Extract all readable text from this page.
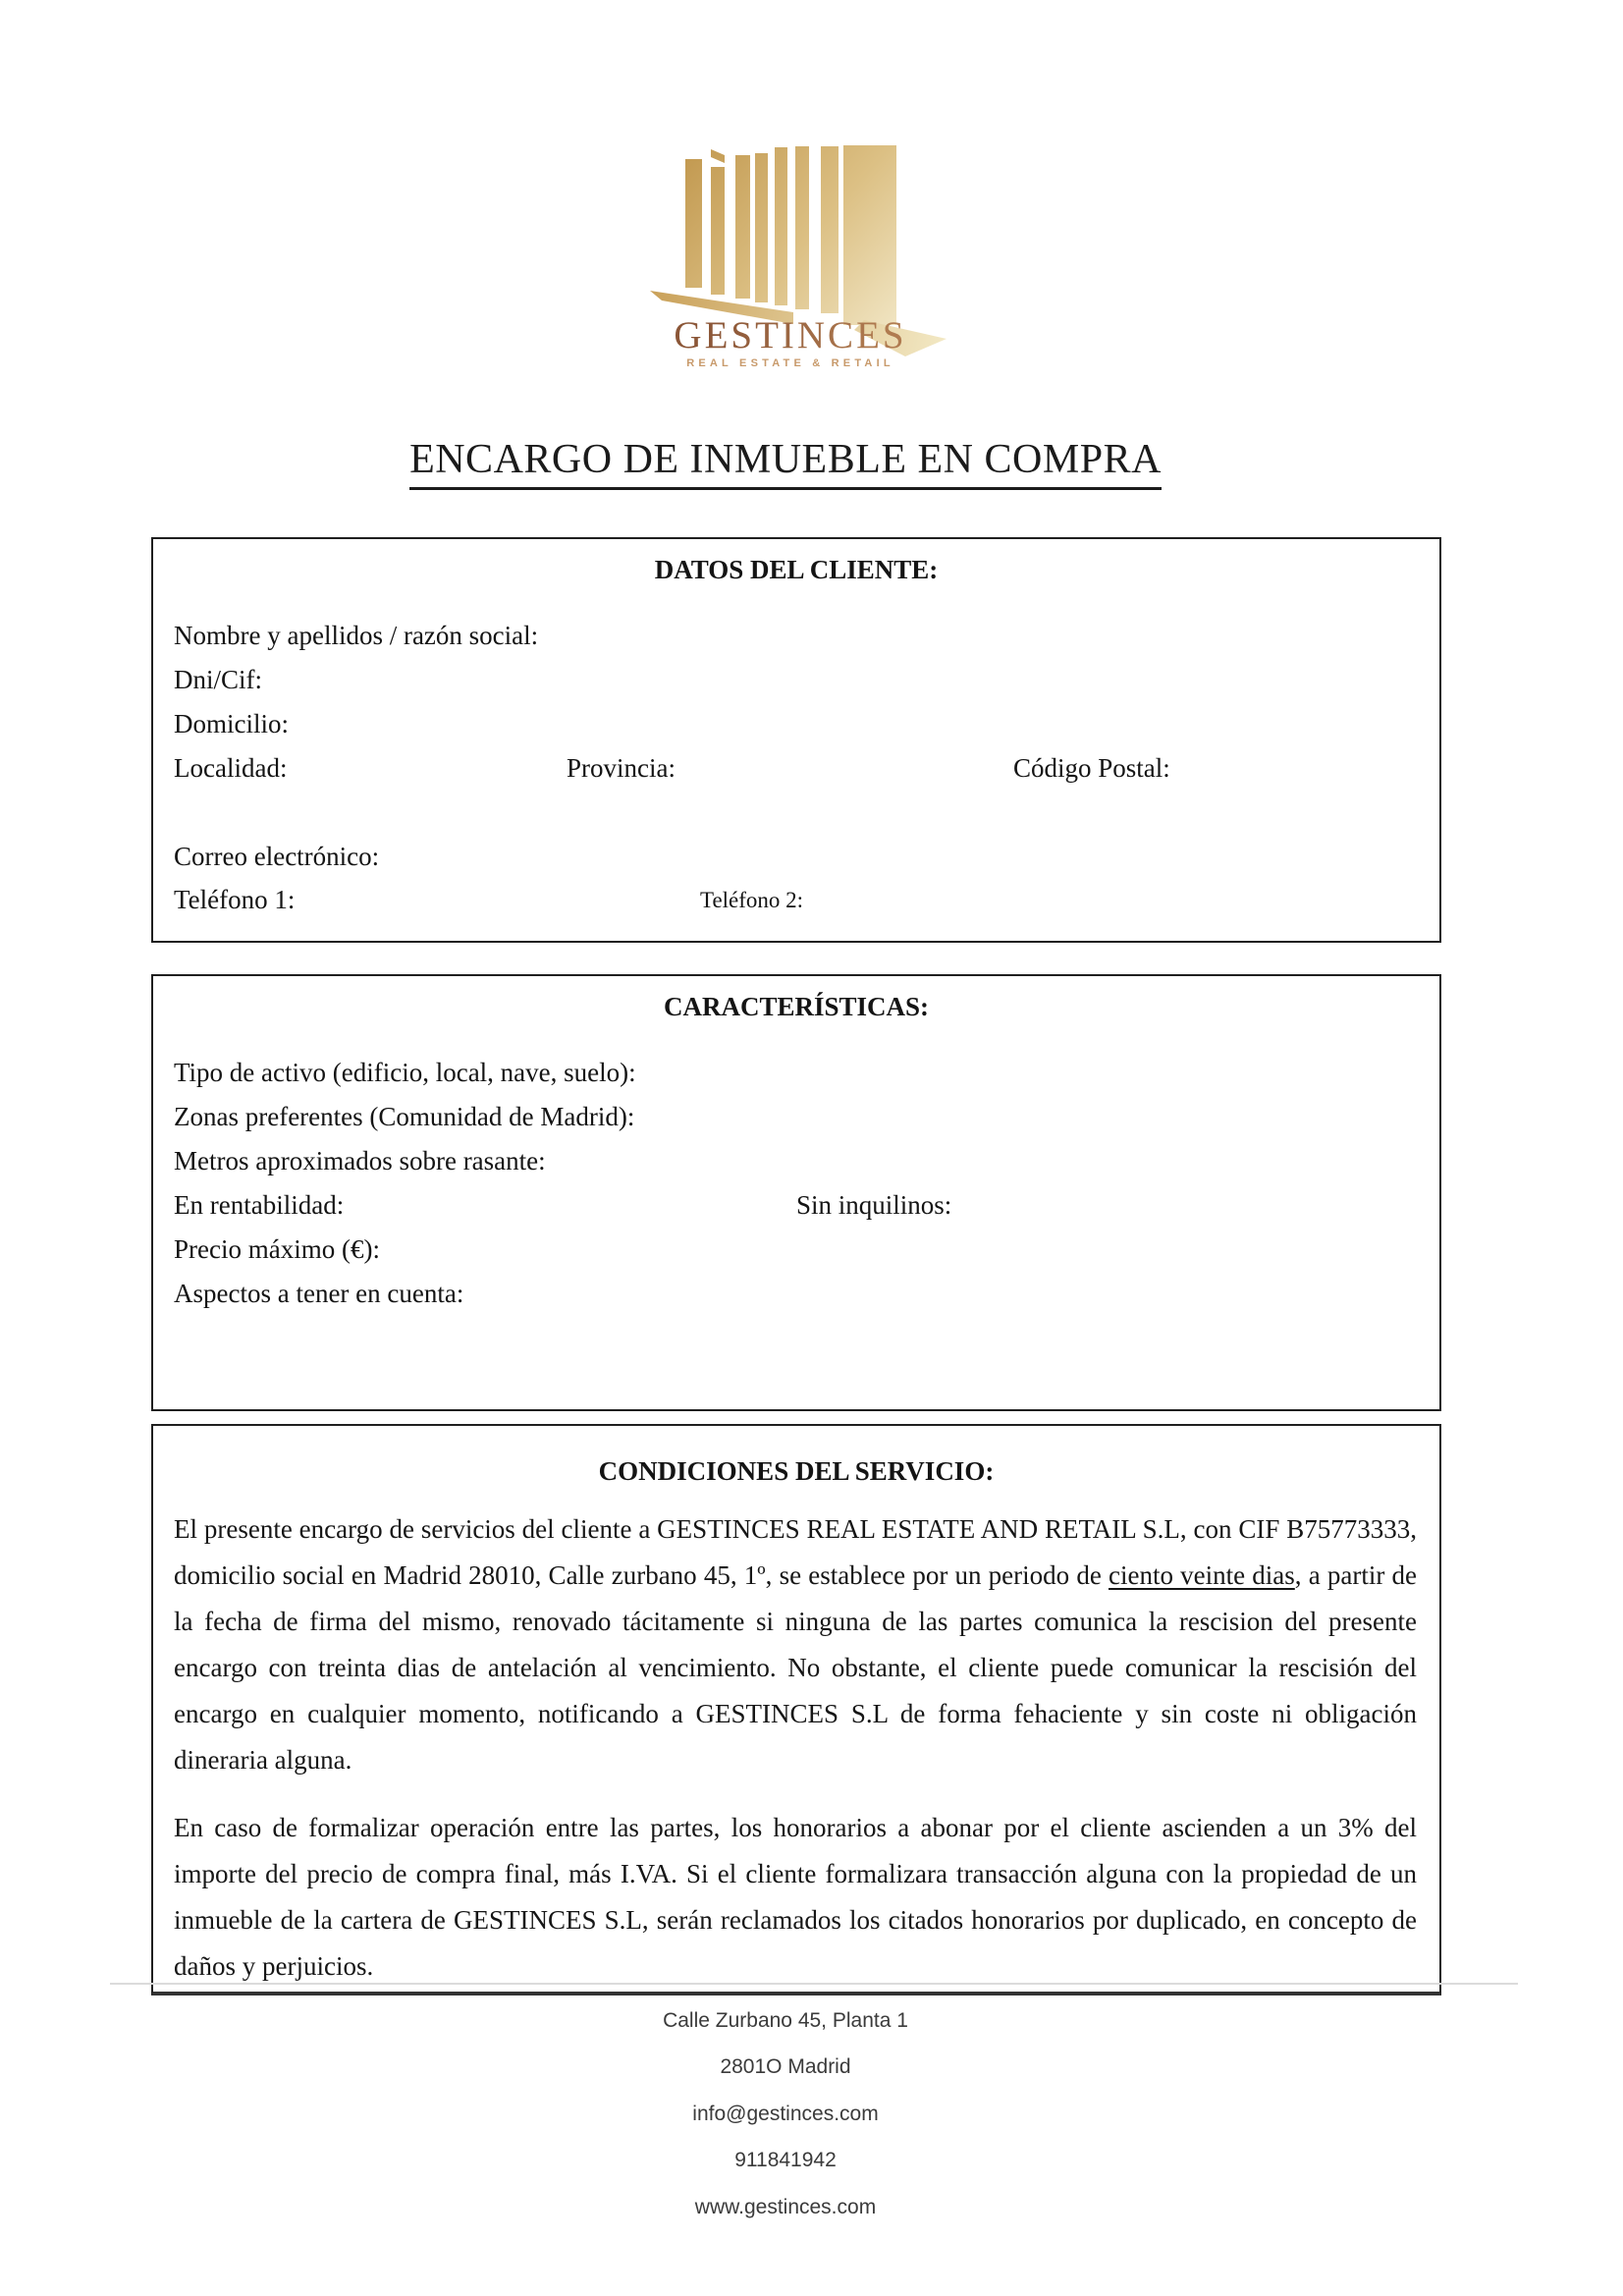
GESTINCES
REAL ESTATE & RETAIL
ENCARGO DE INMUEBLE EN COMPRA
DATOS DEL CLIENTE:
Nombre y apellidos / razón social:
Dni/Cif:
Domicilio:
Localidad:	Provincia:	Código Postal:
Correo electrónico:
Teléfono 1:	Teléfono 2:
CARACTERÍSTICAS:
Tipo de activo (edificio, local, nave, suelo):
Zonas preferentes (Comunidad de Madrid):
Metros aproximados sobre rasante:
En rentabilidad:	Sin inquilinos:
Precio máximo (€):
Aspectos a tener en cuenta:
CONDICIONES DEL SERVICIO:
El presente encargo de servicios del cliente a GESTINCES REAL ESTATE AND RETAIL S.L, con CIF B75773333, domicilio social en Madrid 28010, Calle zurbano 45, 1º, se establece por un periodo de ciento veinte dias, a partir de la fecha de firma del mismo, renovado tácitamente si ninguna de las partes comunica la rescision del presente encargo con treinta dias de antelación al vencimiento. No obstante, el cliente puede comunicar la rescisión del encargo en cualquier momento, notificando a GESTINCES S.L de forma fehaciente y sin coste ni obligación dineraria alguna.
En caso de formalizar operación entre las partes, los honorarios a abonar por el cliente ascienden a un 3% del importe del precio de compra final, más I.VA. Si el cliente formalizara transacción alguna con la propiedad de un inmueble de la cartera de GESTINCES S.L, serán reclamados los citados honorarios por duplicado, en concepto de daños y perjuicios.
Calle Zurbano 45, Planta 1
2801O Madrid
info@gestinces.com
911841942
www.gestinces.com
